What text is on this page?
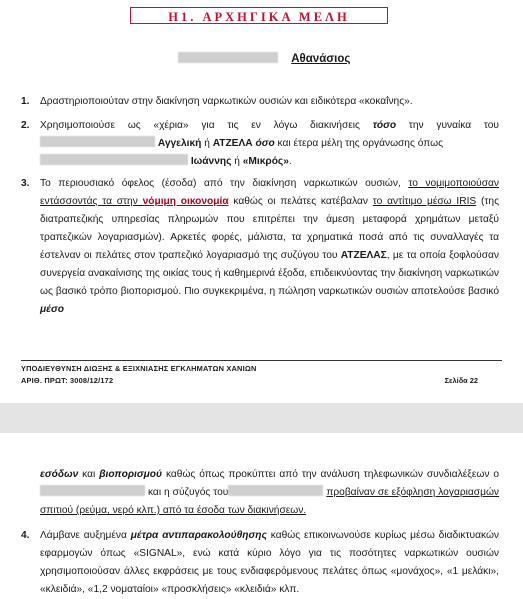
H1. ΑΡΧΗΓΙΚΑ ΜΕΛΗ
Αθανάσιος
1. Δραστηριοποιούταν στην διακίνηση ναρκωτικών ουσιών και ειδικότερα «κοκαΐνης».
2. Χρησιμοποιούσε ως «χέρια» για τις εν λόγω διακινήσεις τόσο την γυναίκα του  Αγγελική ή ΑΤΖΕΛΑ όσο και έτερα μέλη της οργάνωσης όπως
Ιωάννης ή «Μικρός».
3. Το περιουσιακό όφελος (έσοδα) από την διακίνηση ναρκωτικών ουσιών, το νομιμοποιούσαν εντάσσοντάς τα στην νόμιμη οικονομία καθώς οι πελάτες κατέβαλαν το αντίτιμο μέσω IRIS (της διατραπεζικής υπηρεσίας πληρωμών που επιτρέπει την άμεση μεταφορά χρημάτων μεταξύ τραπεζικών λογαριασμών). Αρκετές φορές, μάλιστα, τα χρηματικά ποσά από τις συναλλαγές τα έστελναν οι πελάτες στον τραπεζικό λογαριασμό της συζύγου του ΑΤΖΕΛΑΣ, με τα οποία ξοφλούσαν συνεργεία ανακαίνισης της οικίας τους ή καθημερινά έξοδα, επιδεικνύοντας την διακίνηση ναρκωτικών ως βασικό τρόπο βιοπορισμού. Πιο συγκεκριμένα, η πώληση ναρκωτικών ουσιών αποτελούσε βασικό μέσο
ΥΠΟΔΙΕΥΘΥΝΣΗ ΔΙΩΞΗΣ & ΕΞΙΧΝΙΑΣΗΣ ΕΓΚΛΗΜΑΤΩΝ ΧΑΝΙΩΝ
ΑΡΙΘ. ΠΡΩΤ: 3008/12/172	Σελίδα 22
εσόδων και βιοπορισμού καθώς όπως προκύπτει από την ανάλυση τηλεφωνικών συνδιαλέξεων ο και η σύζυγός του	προβαίναν σε εξόφληση λογαριασμών σπιτιού (ρεύμα, νερό κλπ.) από τα έσοδα των διακινήσεων.
4. Λάμβανε αυξημένα μέτρα αντιπαρακολούθησης καθώς επικοινωνούσε κυρίως μέσω διαδικτυακών εφαρμογών όπως «SIGNAL», ενώ κατά κύριο λόγο για τις ποσότητες ναρκωτικών ουσιών χρησιμοποιούσαν άλλες εκφράσεις με τους ενδιαφερόμενους πελάτες όπως «μονάχος», «1 μελάκι», «κλειδιά», «1,2 νοματαίοι» «προσκλήσεις» «κλειδιά» κλπ.
